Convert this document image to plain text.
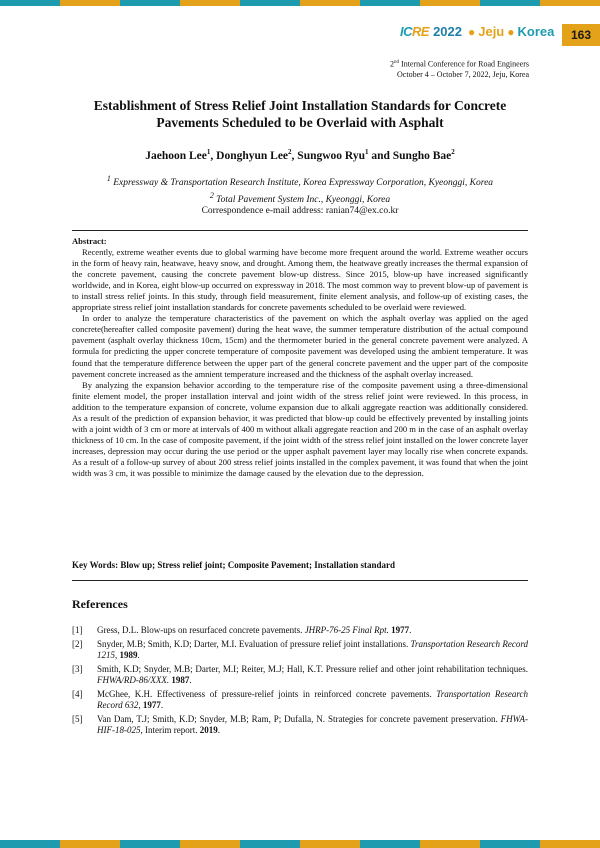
ICRE 2022 ● Jeju ● Korea	163
2nd Internal Conference for Road Engineers
October 4 – October 7, 2022, Jeju, Korea
Establishment of Stress Relief Joint Installation Standards for Concrete
Pavements Scheduled to be Overlaid with Asphalt
Jaehoon Lee$^1$, Donghyun Lee$^2$, Sungwoo Ryu$^1$ and Sungho Bae$^2$
$^1$ Expressway & Transportation Research Institute, Korea Expressway Corporation, Kyeonggi, Korea
$^2$ Total Pavement System Inc., Kyeonggi, Korea
Correspondence e-mail address: ranian74@ex.co.kr
Abstract:

Recently, extreme weather events due to global warming have become more frequent around the world. Extreme weather occurs in the form of heavy rain, heatwave, heavy snow, and drought. Among them, the heatwave greatly increases the thermal expansion of the concrete pavement, causing the concrete pavement blow-up distress. Since 2015, blow-up have increased significantly worldwide, and in Korea, eight blow-up occurred on expressway in 2018. The most common way to prevent blow-up of pavement is to install stress relief joints. In this study, through field measurement, finite element analysis, and follow-up of existing cases, the appropriate stress relief joint installation standards for concrete pavements scheduled to be overlaid were reviewed.

In order to analyze the temperature characteristics of the pavement on which the asphalt overlay was applied on the aged concrete(hereafter called composite pavement) during the heat wave, the summer temperature distribution of the actual compound pavement (asphalt overlay thickness 10cm, 15cm) and the thermometer buried in the general concrete pavement were analyzed. A formula for predicting the upper concrete temperature of composite pavement was developed using the ambient temperature. It was found that the temperature difference between the upper part of the general concrete pavement and the upper part of the composite pavement concrete increased as the amnient temperature increased and the thickness of the asphalt overlay increased.

By analyzing the expansion behavior according to the temperature rise of the composite pavement using a three-dimensional finite element model, the proper installation interval and joint width of the stress relief joint were reviewed. In this process, in addition to the temperature expansion of concrete, volume expansion due to alkali aggregate reaction was additionally considered. As a result of the prediction of expansion behavior, it was predicted that blow-up could be effectively prevented by installing joints with a joint width of 3 cm or more at intervals of 400 m without alkali aggregate reaction and 200 m in the case of an asphalt overlay thickness of 10 cm. In the case of composite pavement, if the joint width of the stress relief joint installed on the lower concrete layer increases, depression may occur during the use period or the upper asphalt pavement layer may locally rise when concrete expands. As a result of a follow-up survey of about 200 stress relief joints installed in the complex pavement, it was found that when the joint width was 3 cm, it was possible to minimize the damage caused by the elevation due to the depression.

Key Words: Blow up; Stress relief joint; Composite Pavement; Installation standard
References
[1]	Gress, D.L. Blow-ups on resurfaced concrete pavements. JHRP-76-25 Final Rpt. 1977.
[2]	Snyder, M.B; Smith, K.D; Darter, M.I. Evaluation of pressure relief joint installations. Transportation Research Record 1215, 1989.
[3]	Smith, K.D; Snyder, M.B; Darter, M.I; Reiter, M.J; Hall, K.T. Pressure relief and other joint rehabilitation techniques. FHWA/RD-86/XXX. 1987.
[4]	McGhee, K.H. Effectiveness of pressure-relief joints in reinforced concrete pavements. Transportation Research Record 632, 1977.
[5]	Van Dam, T.J; Smith, K.D; Snyder, M.B; Ram, P; Dufalla, N. Strategies for concrete pavement preservation. FHWA-HIF-18-025, Interim report. 2019.
